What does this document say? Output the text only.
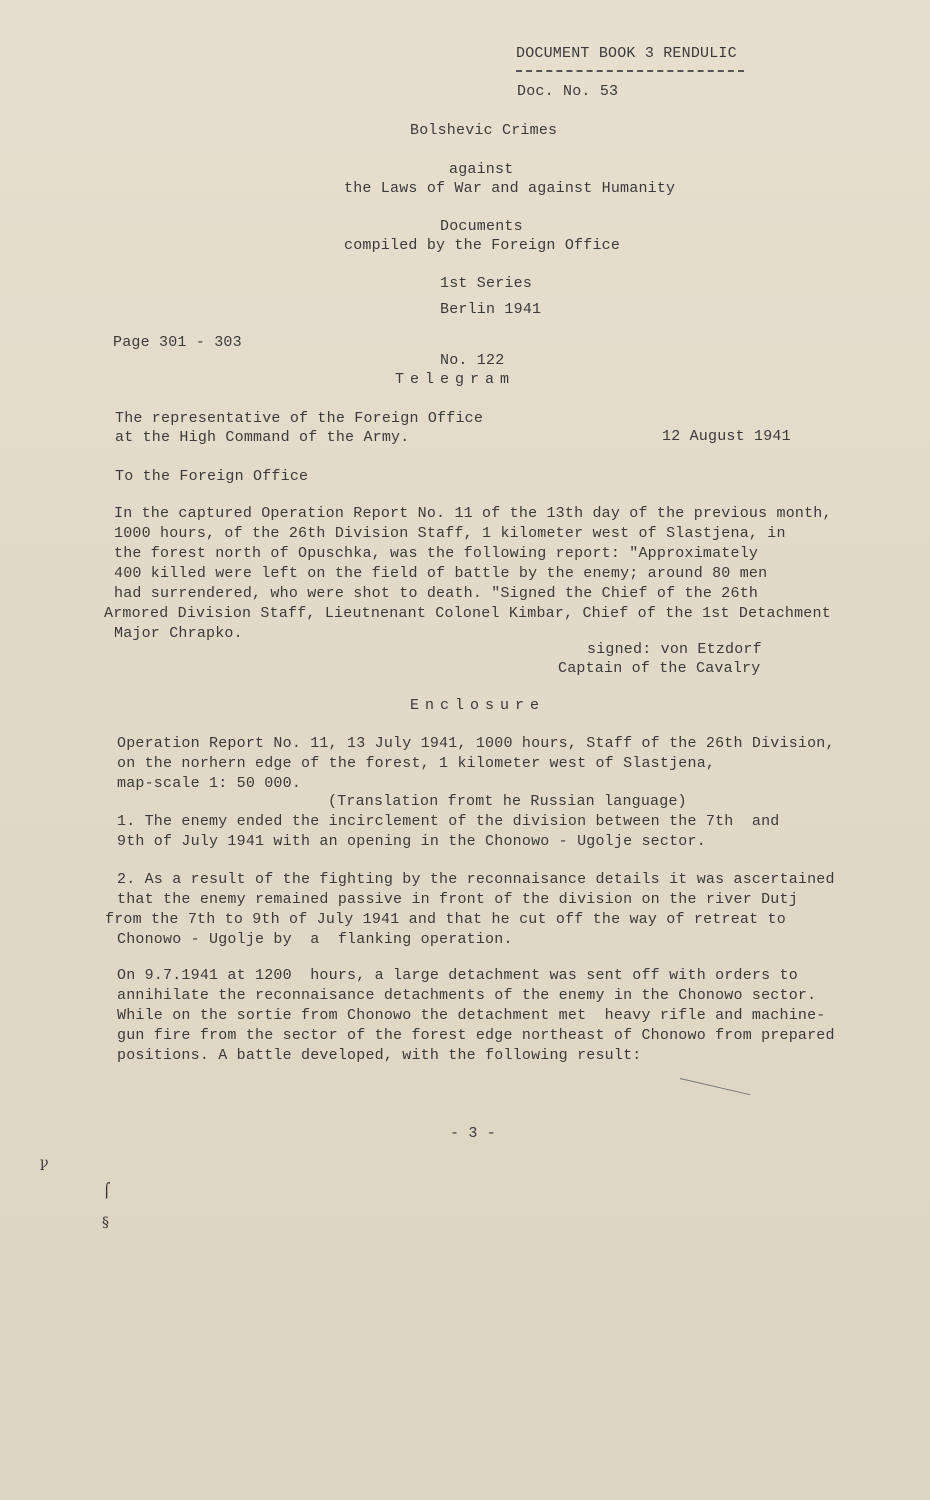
DOCUMENT BOOK 3 RENDULIC
Doc. No. 53
Bolshevic Crimes
against
the Laws of War and against Humanity
Documents
compiled by the Foreign Office
1st Series
Berlin 1941
Page 301 - 303
No. 122
Telegram
The representative of the Foreign Office
at the High Command of the Army.	12 August 1941
To the Foreign Office
In the captured Operation Report No. 11 of the 13th day of the previous month,
1000 hours, of the 26th Division Staff, 1 kilometer west of Slastjena, in
the forest north of Opuschka, was the following report: "Approximately
400 killed were left on the field of battle by the enemy; around 80 men
had surrendered, who were shot to death. "Signed the Chief of the 26th
Armored Division Staff, Lieutnenant Colonel Kimbar, Chief of the 1st Detachment
Major Chrapko.
signed: von Etzdorf
Captain of the Cavalry
Enclosure
Operation Report No. 11, 13 July 1941, 1000 hours, Staff of the 26th Division,
on the norhern edge of the forest, 1 kilometer west of Slastjena,
map-scale 1: 50 000.
(Translation fromt he Russian language)
1. The enemy ended the incirclement of the division between the 7th  and
9th of July 1941 with an opening in the Chonowo - Ugolje sector.
2. As a result of the fighting by the reconnaisance details it was ascertained
that the enemy remained passive in front of the division on the river Dutj
from the 7th to 9th of July 1941 and that he cut off the way of retreat to
Chonowo - Ugolje by  a  flanking operation.
On 9.7.1941 at 1200  hours, a large detachment was sent off with orders to
annihilate the reconnaisance detachments of the enemy in the Chonowo sector.
While on the sortie from Chonowo the detachment met  heavy rifle and machine-
gun fire from the sector of the forest edge northeast of Chonowo from prepared
positions. A battle developed, with the following result:
- 3 -
ꝩ
⌠
§
